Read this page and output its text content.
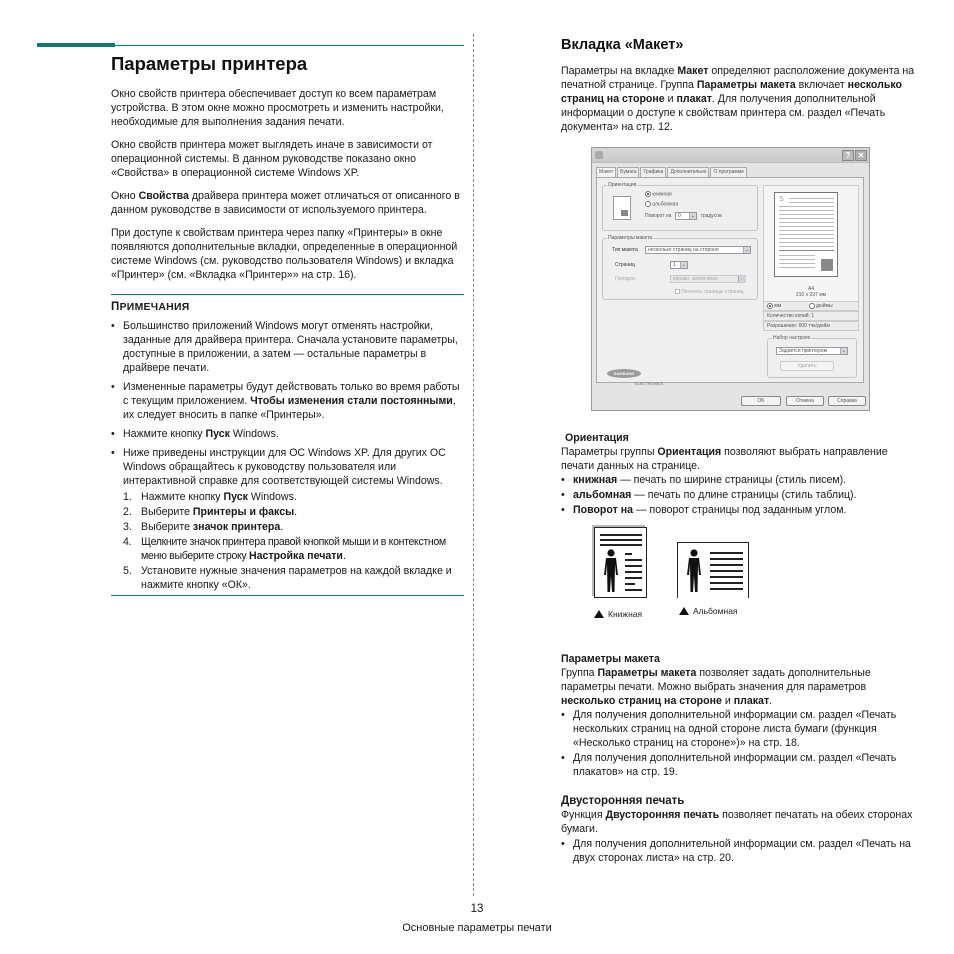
Параметры принтера

Окно свойств принтера обеспечивает доступ ко всем параметрам устройства. В этом окне можно просмотреть и изменить настройки, необходимые для выполнения задания печати.

Окно свойств принтера может выглядеть иначе в зависимости от операционной системы. В данном руководстве показано окно «Свойства» в операционной системе Windows XP.

Окно Свойства драйвера принтера может отличаться от описанного в данном руководстве в зависимости от используемого принтера.

При доступе к свойствам принтера через папку «Принтеры» в окне появляются дополнительные вкладки, определенные в операционной системе Windows (см. руководство пользователя Windows) и вкладка «Принтер» (см. «Вкладка «Принтер»» на стр. 16).

ПРИМЕЧАНИЯ
• Большинство приложений Windows могут отменять настройки, заданные для драйвера принтера. Сначала установите параметры, доступные в приложении, а затем — остальные параметры в драйвере печати.
• Измененные параметры будут действовать только во время работы с текущим приложением. Чтобы изменения стали постоянными, их следует вносить в папке «Принтеры».
• Нажмите кнопку Пуск Windows.
• Ниже приведены инструкции для ОС Windows XP. Для других ОС Windows обращайтесь к руководству пользователя или интерактивной справке для соответствующей системы Windows.
1. Нажмите кнопку Пуск Windows.
2. Выберите Принтеры и факсы.
3. Выберите значок принтера.
4. Щелкните значок принтера правой кнопкой мыши и в контекстном меню выберите строку Настройка печати.
5. Установите нужные значения параметров на каждой вкладке и нажмите кнопку «ОК».
Вкладка «Макет»

Параметры на вкладке Макет определяют расположение документа на печатной странице. Группа Параметры макета включает несколько страниц на стороне и плакат. Для получения дополнительной информации о доступе к свойствам принтера см. раздел «Печать документа» на стр. 12.

? ✕
Макет	Бумага	Графика	Дополнительно	О программе
Ориентация
книжная
альбомная
Поворот на	0	⌄ градусов
Параметры макета
Тип макета	несколько страниц на стороне	⌄
Страниц	1	⌄
Порядок:	вправо, затем вниз	⌄
Печатать границы страниц
S
A4
210 x 297 мм
мм	дюймы
Количество копий: 1
Разрешение: 600 тчк/дюйм
Набор настроек
Задается принтером	⌄
Удалить
SAMSUNG
ELECTRONICS
OK	Отмена	Справка
Ориентация

Параметры группы Ориентация позволяют выбрать направление печати данных на странице.

• книжная — печать по ширине страницы (стиль писем).
• альбомная — печать по длине страницы (стиль таблиц).
• Поворот на — поворот страницы под заданным углом.
Книжная	Альбомная
Параметры макета

Группа Параметры макета позволяет задать дополнительные параметры печати. Можно выбрать значения для параметров несколько страниц на стороне и плакат.

• Для получения дополнительной информации см. раздел «Печать нескольких страниц на одной стороне листа бумаги (функция «Несколько страниц на стороне»)» на стр. 18.
• Для получения дополнительной информации см. раздел «Печать плакатов» на стр. 19.
Двусторонняя печать

Функция Двусторонняя печать позволяет печатать на обеих сторонах бумаги.

• Для получения дополнительной информации см. раздел «Печать на двух сторонах листа» на стр. 20.
13
Основные параметры печати
